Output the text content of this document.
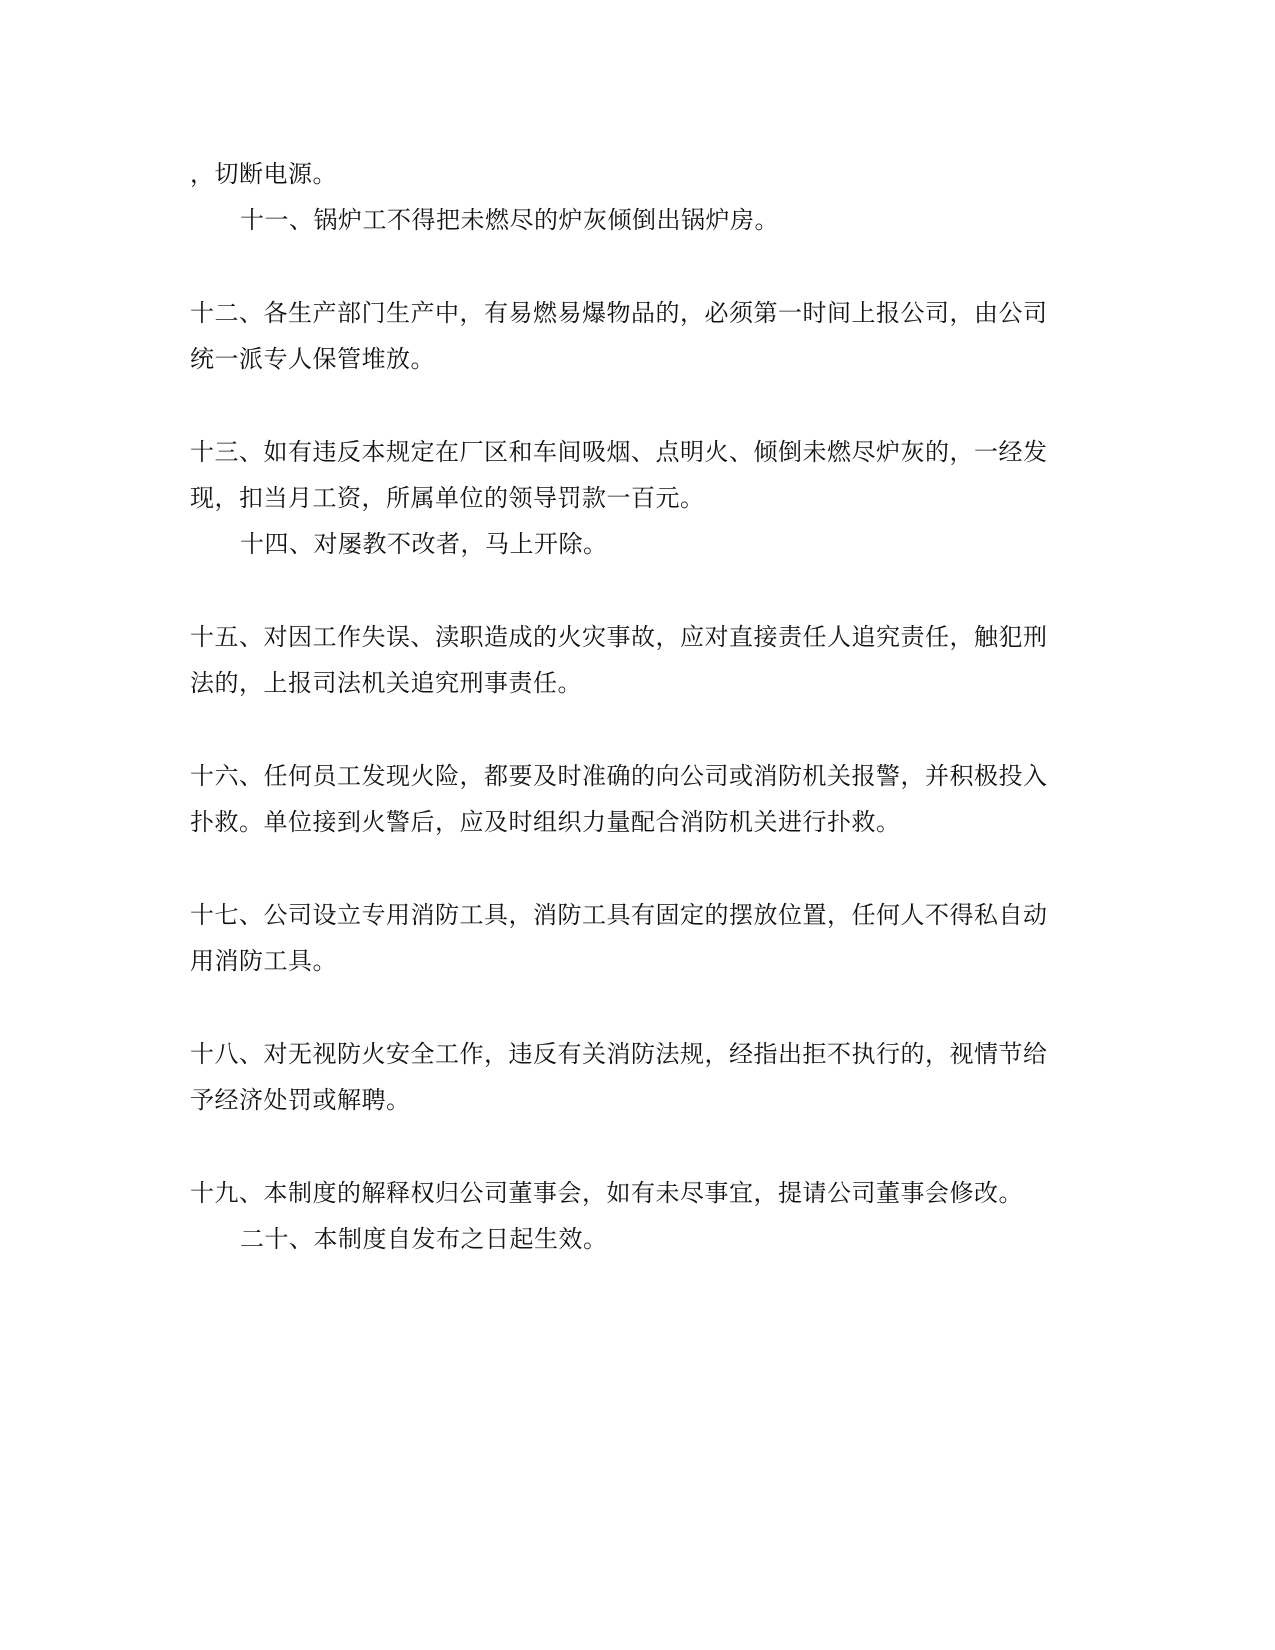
，切断电源。
十一、锅炉工不得把未燃尽的炉灰倾倒出锅炉房。
十二、各生产部门生产中，有易燃易爆物品的，必须第一时间上报公司，由公司
统一派专人保管堆放。
十三、如有违反本规定在厂区和车间吸烟、点明火、倾倒未燃尽炉灰的，一经发
现，扣当月工资，所属单位的领导罚款一百元。
十四、对屡教不改者，马上开除。
十五、对因工作失误、渎职造成的火灾事故，应对直接责任人追究责任，触犯刑
法的，上报司法机关追究刑事责任。
十六、任何员工发现火险，都要及时准确的向公司或消防机关报警，并积极投入
扑救。单位接到火警后，应及时组织力量配合消防机关进行扑救。
十七、公司设立专用消防工具，消防工具有固定的摆放位置，任何人不得私自动
用消防工具。
十八、对无视防火安全工作，违反有关消防法规，经指出拒不执行的，视情节给
予经济处罚或解聘。
十九、本制度的解释权归公司董事会，如有未尽事宜，提请公司董事会修改。
二十、本制度自发布之日起生效。
